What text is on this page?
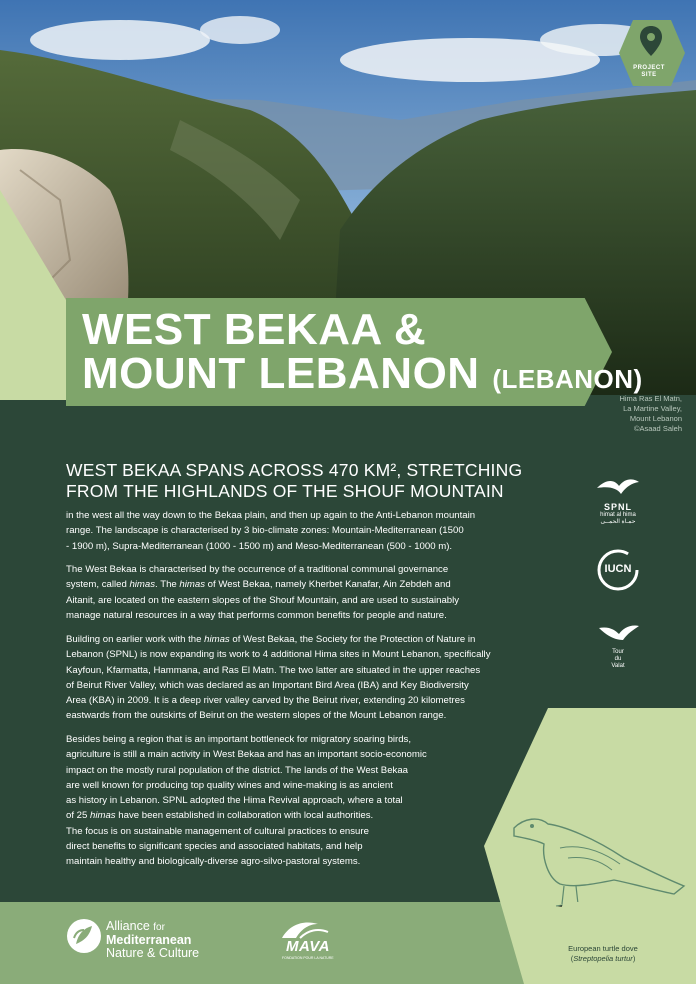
PROJECT
SITE
WEST BEKAA &
MOUNT LEBANON (LEBANON)
Hima Ras El Matn,
La Martine Valley,
Mount Lebanon
©Asaad Saleh
WEST BEKAA SPANS ACROSS 470 KM², STRETCHING
FROM THE HIGHLANDS OF THE SHOUF MOUNTAIN
in the west all the way down to the Bekaa plain, and then up again to the Anti-Lebanon mountain
range. The landscape is characterised by 3 bio-climate zones: Mountain-Mediterranean (1500
- 1900 m), Supra-Mediterranean (1000 - 1500 m) and Meso-Mediterranean (500 - 1000 m).
The West Bekaa is characterised by the occurrence of a traditional communal governance
system, called himas. The himas of West Bekaa, namely Kherbet Kanafar, Ain Zebdeh and
Aitanit, are located on the eastern slopes of the Shouf Mountain, and are used to sustainably
manage natural resources in a way that performs common benefits for people and nature.
Building on earlier work with the himas of West Bekaa, the Society for the Protection of Nature in
Lebanon (SPNL) is now expanding its work to 4 additional Hima sites in Mount Lebanon, specifically
Kayfoun, Kfarmatta, Hammana, and Ras El Matn. The two latter are situated in the upper reaches
of Beirut River Valley, which was declared as an Important Bird Area (IBA) and Key Biodiversity
Area (KBA) in 2009. It is a deep river valley carved by the Beirut river, extending 20 kilometres
eastwards from the outskirts of Beirut on the western slopes of the Mount Lebanon range.
Besides being a region that is an important bottleneck for migratory soaring birds,
agriculture is still a main activity in West Bekaa and has an important socio-economic
impact on the mostly rural population of the district. The lands of the West Bekaa
are well known for producing top quality wines and wine-making is as ancient
as history in Lebanon. SPNL adopted the Hima Revival approach, where a total
of 25 himas have been established in collaboration with local authorities.
The focus is on sustainable management of cultural practices to ensure
direct benefits to significant species and associated habitats, and help
maintain healthy and biologically-diverse agro-silvo-pastoral systems.
SPNL
himat al hima
حمـاة الحمــى
IUCN
Tour
du
Valat
European turtle dove
(Streptopelia turtur)
Alliance for
Mediterranean
Nature & Culture	MAVA
FONDATION POUR LA NATURE
